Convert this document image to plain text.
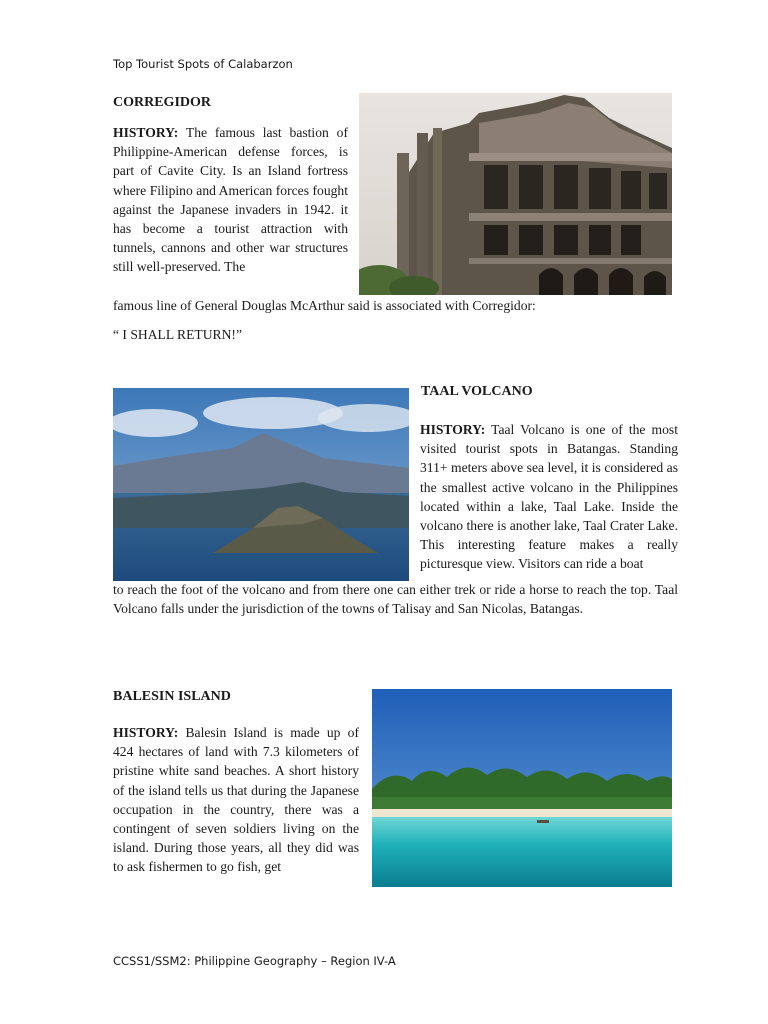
Top Tourist Spots of Calabarzon
CORREGIDOR
HISTORY: The famous last bastion of Philippine-American defense forces, is part of Cavite City. Is an Island fortress where Filipino and American forces fought against the Japanese invaders in 1942. it has become a tourist attraction with tunnels, cannons and other war structures still well-preserved. The
famous line of General Douglas McArthur said is associated with Corregidor:
“ I SHALL RETURN!”
TAAL VOLCANO
HISTORY: Taal Volcano is one of the most visited tourist spots in Batangas. Standing 311+ meters above sea level, it is considered as the smallest active volcano in the Philippines located within a lake, Taal Lake. Inside the volcano there is another lake, Taal Crater Lake. This interesting feature makes a really picturesque view. Visitors can ride a boat
to reach the foot of the volcano and from there one can either trek or ride a horse to reach the top. Taal Volcano falls under the jurisdiction of the towns of Talisay and San Nicolas, Batangas.
BALESIN ISLAND
HISTORY: Balesin Island is made up of 424 hectares of land with 7.3 kilometers of pristine white sand beaches. A short history of the island tells us that during the Japanese occupation in the country, there was a contingent of seven soldiers living on the island. During those years, all they did was to ask fishermen to go fish, get
CCSS1/SSM2: Philippine Geography – Region IV-A
